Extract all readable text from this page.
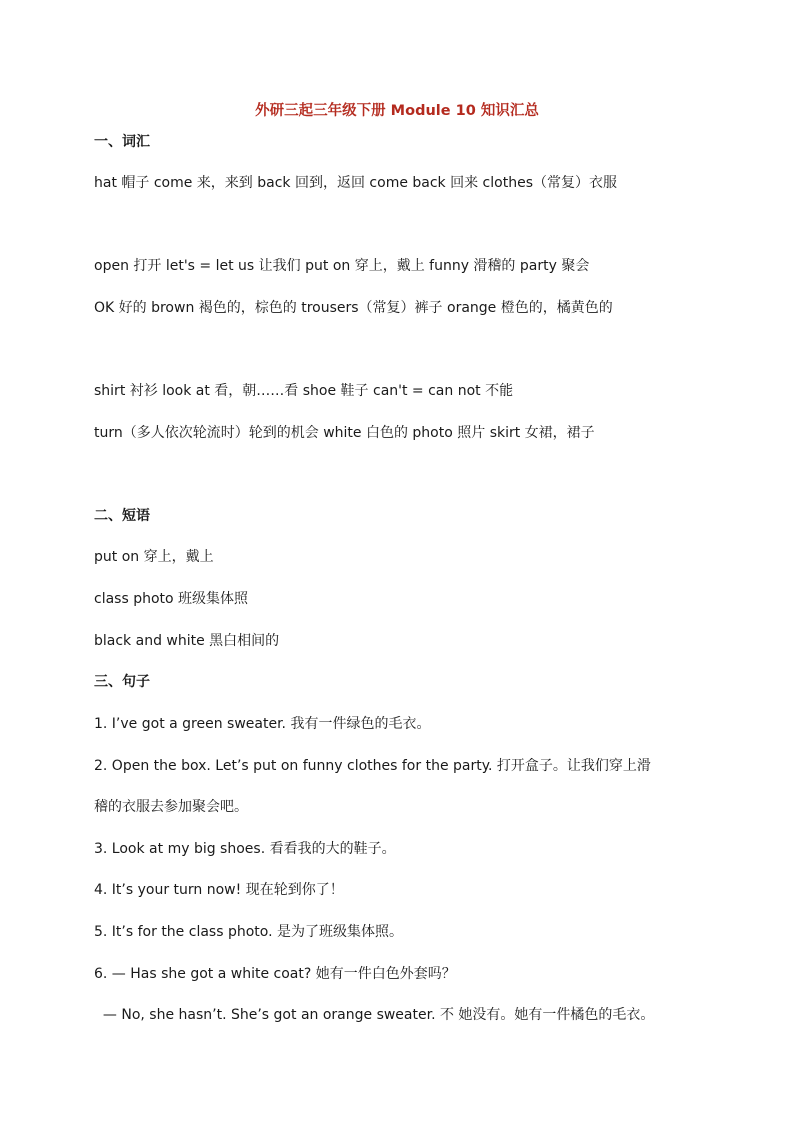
外研三起三年级下册 Module 10 知识汇总
一、词汇
hat 帽子 come 来，来到 back 回到，返回 come back 回来 clothes（常复）衣服
open 打开 let's = let us 让我们 put on 穿上，戴上 funny 滑稽的 party 聚会
OK 好的 brown 褐色的，棕色的 trousers（常复）裤子 orange 橙色的，橘黄色的
shirt 衬衫 look at 看，朝……看 shoe 鞋子 can't = can not 不能
turn（多人依次轮流时）轮到的机会 white 白色的 photo 照片 skirt 女裙，裙子
二、短语
put on 穿上，戴上
class photo 班级集体照
black and white 黑白相间的
三、句子
1. I’ve got a green sweater. 我有一件绿色的毛衣。
2. Open the box. Let’s put on funny clothes for the party. 打开盒子。让我们穿上滑
稽的衣服去参加聚会吧。
3. Look at my big shoes. 看看我的大的鞋子。
4. It’s your turn now! 现在轮到你了！
5. It’s for the class photo. 是为了班级集体照。
6. — Has she got a white coat? 她有一件白色外套吗？
— No, she hasn’t. She’s got an orange sweater. 不 她没有。她有一件橘色的毛衣。
